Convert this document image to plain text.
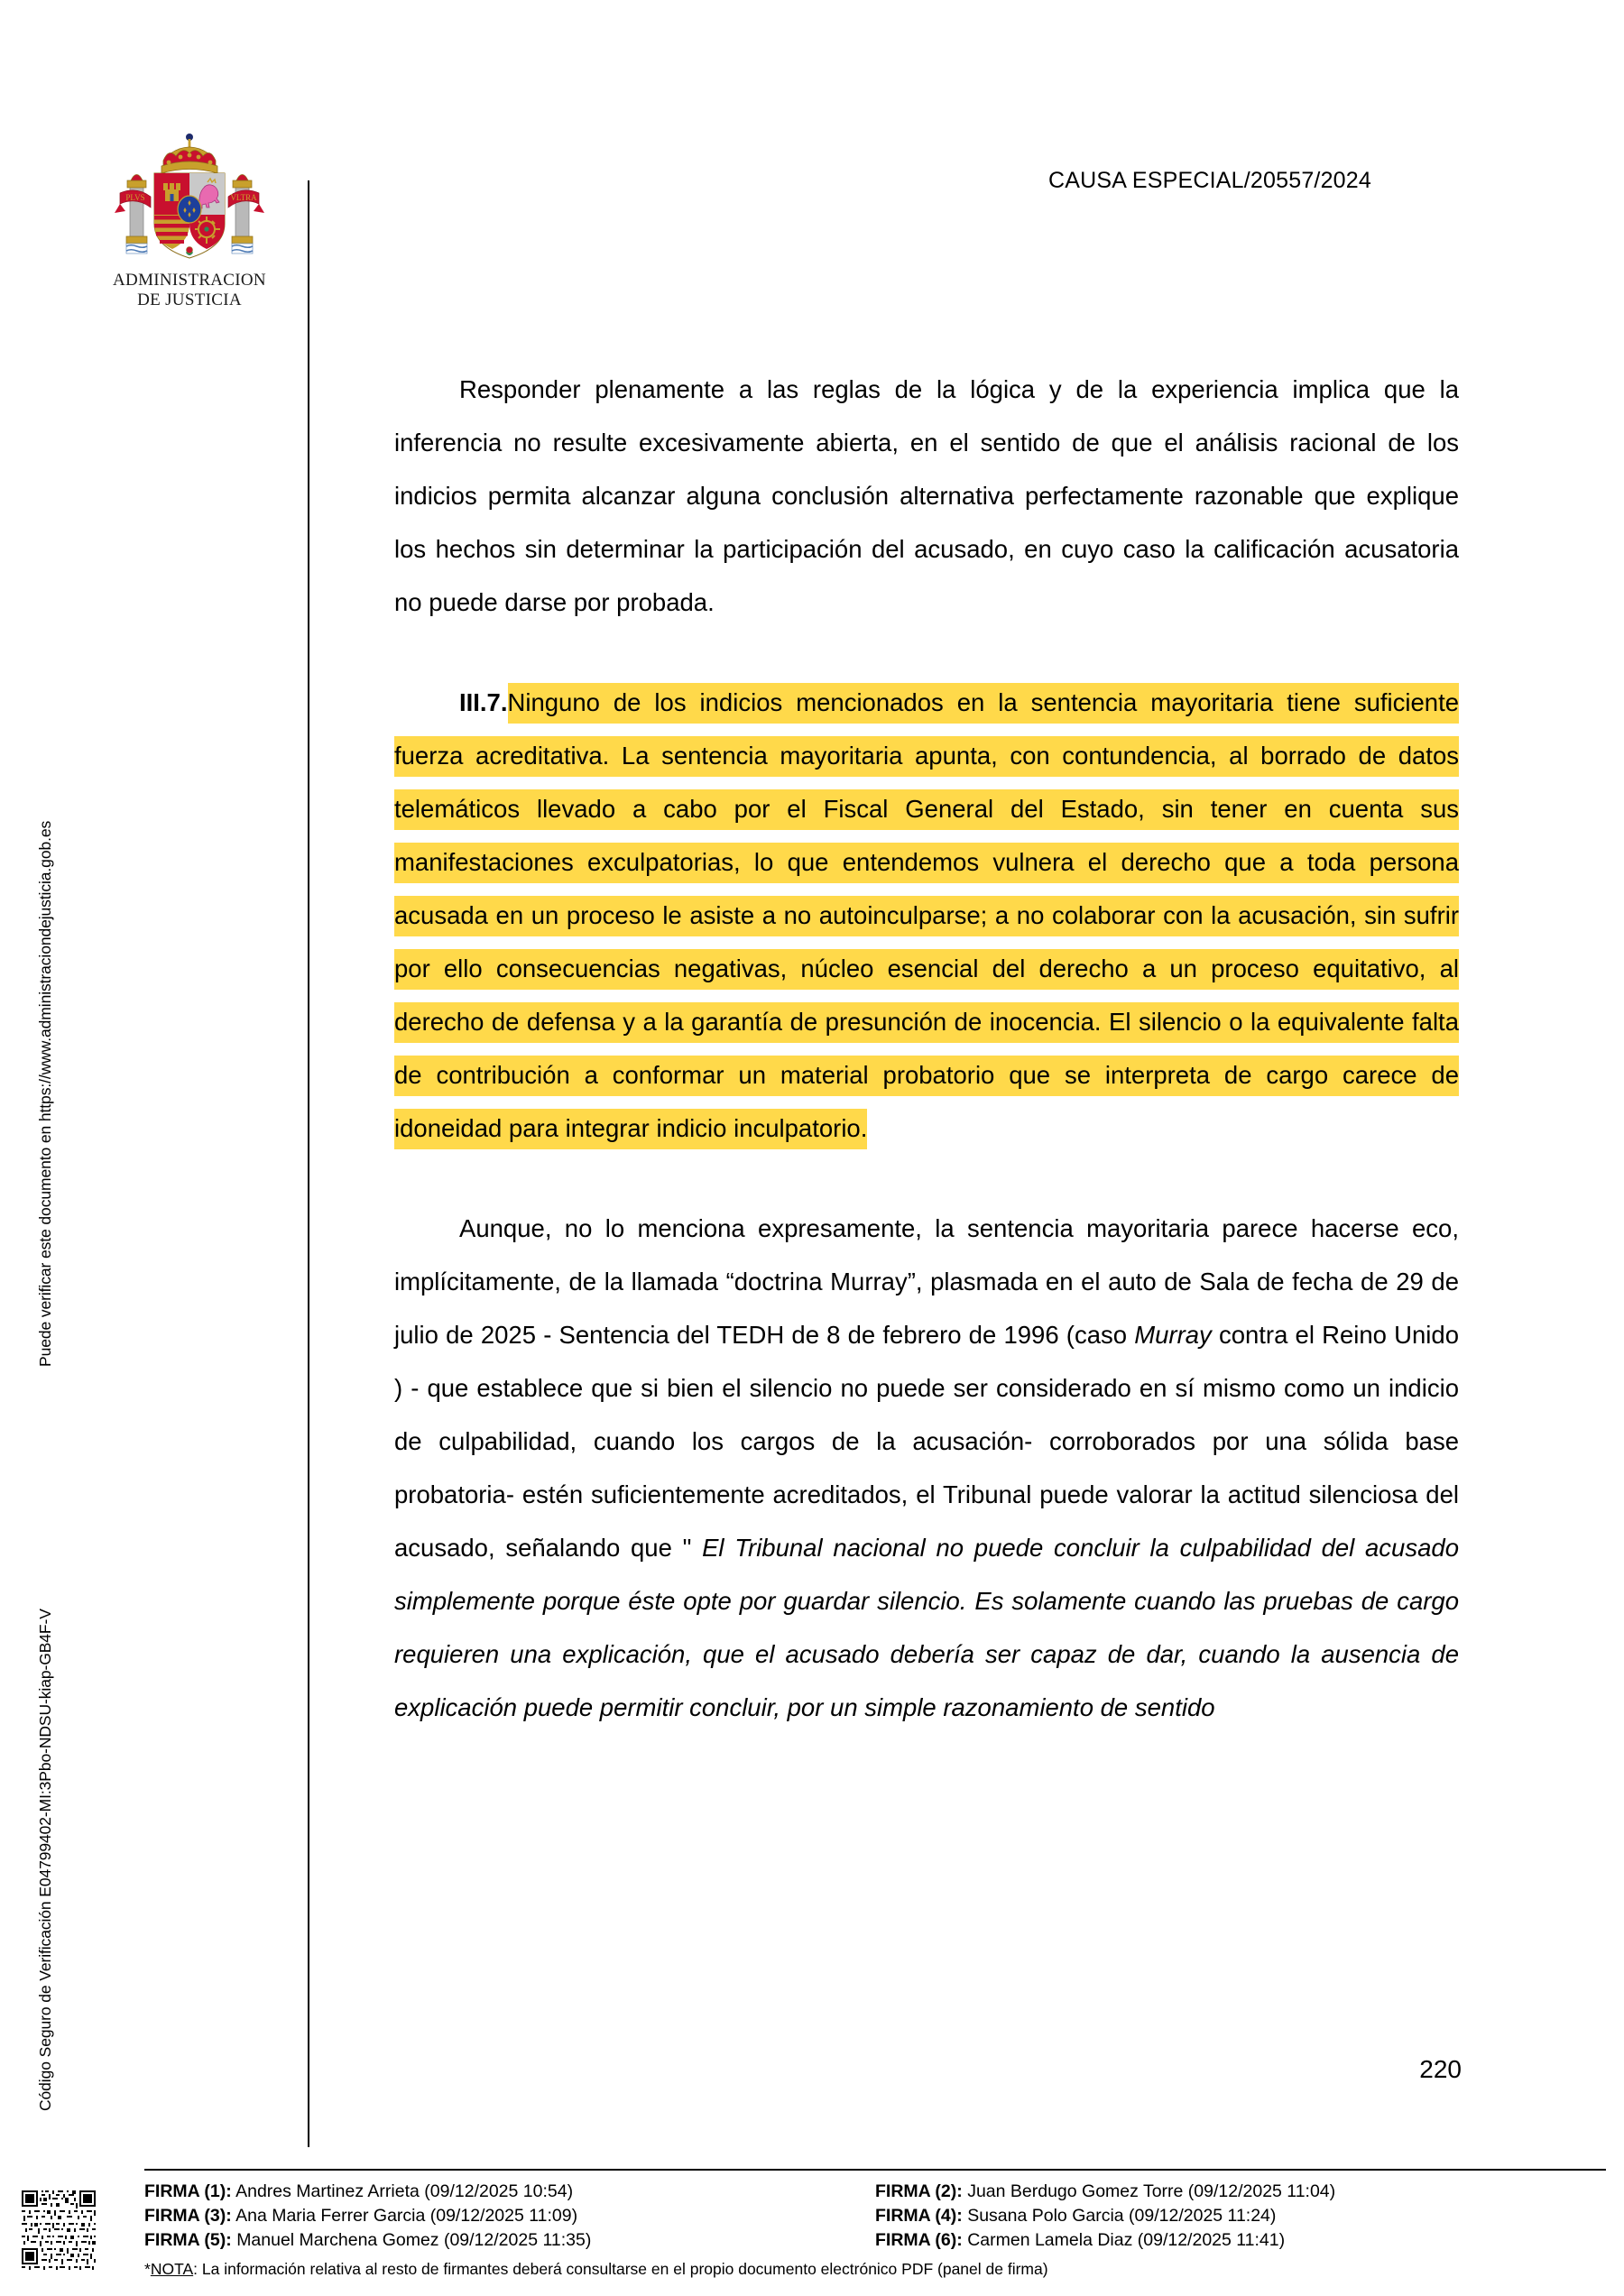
Código Seguro de Verificación E04799402-MI:3Pbo-NDSU-kiap-GB4F-V
Puede verificar este documento en https://www.administraciondejusticia.gob.es
PLVS	VLTRA
ADMINISTRACION
DE JUSTICIA
CAUSA ESPECIAL/20557/2024

Responder plenamente a las reglas de la lógica y de la experiencia implica que la inferencia no resulte excesivamente abierta, en el sentido de que el análisis racional de los indicios permita alcanzar alguna conclusión alternativa perfectamente razonable que explique los hechos sin determinar la participación del acusado, en cuyo caso la calificación acusatoria no puede darse por probada.

III.7.Ninguno de los indicios mencionados en la sentencia mayoritaria tiene suficiente fuerza acreditativa. La sentencia mayoritaria apunta, con contundencia, al borrado de datos telemáticos llevado a cabo por el Fiscal General del Estado, sin tener en cuenta sus manifestaciones exculpatorias, lo que entendemos vulnera el derecho que a toda persona acusada en un proceso le asiste a no autoinculparse; a no colaborar con la acusación, sin sufrir por ello consecuencias negativas, núcleo esencial del derecho a un proceso equitativo, al derecho de defensa y a la garantía de presunción de inocencia. El silencio o la equivalente falta de contribución a conformar un material probatorio que se interpreta de cargo carece de idoneidad para integrar indicio inculpatorio.

Aunque, no lo menciona expresamente, la sentencia mayoritaria parece hacerse eco, implícitamente, de la llamada “doctrina Murray”, plasmada en el auto de Sala de fecha de 29 de julio de 2025 - Sentencia del TEDH de 8 de febrero de 1996 (caso Murray contra el Reino Unido ) - que establece que si bien el silencio no puede ser considerado en sí mismo como un indicio de culpabilidad, cuando los cargos de la acusación- corroborados por una sólida base probatoria- estén suficientemente acreditados, el Tribunal puede valorar la actitud silenciosa del acusado, señalando que " El Tribunal nacional no puede concluir la culpabilidad del acusado simplemente porque éste opte por guardar silencio. Es solamente cuando las pruebas de cargo requieren una explicación, que el acusado debería ser capaz de dar, cuando la ausencia de explicación puede permitir concluir, por un simple razonamiento de sentido

220
FIRMA (1): Andres Martinez Arrieta (09/12/2025 10:54)	FIRMA (2): Juan Berdugo Gomez Torre (09/12/2025 11:04)
FIRMA (3): Ana Maria Ferrer Garcia (09/12/2025 11:09)	FIRMA (4): Susana Polo Garcia (09/12/2025 11:24)
FIRMA (5): Manuel Marchena Gomez (09/12/2025 11:35)	FIRMA (6): Carmen Lamela Diaz (09/12/2025 11:41)
*NOTA: La información relativa al resto de firmantes deberá consultarse en el propio documento electrónico PDF (panel de firma)
